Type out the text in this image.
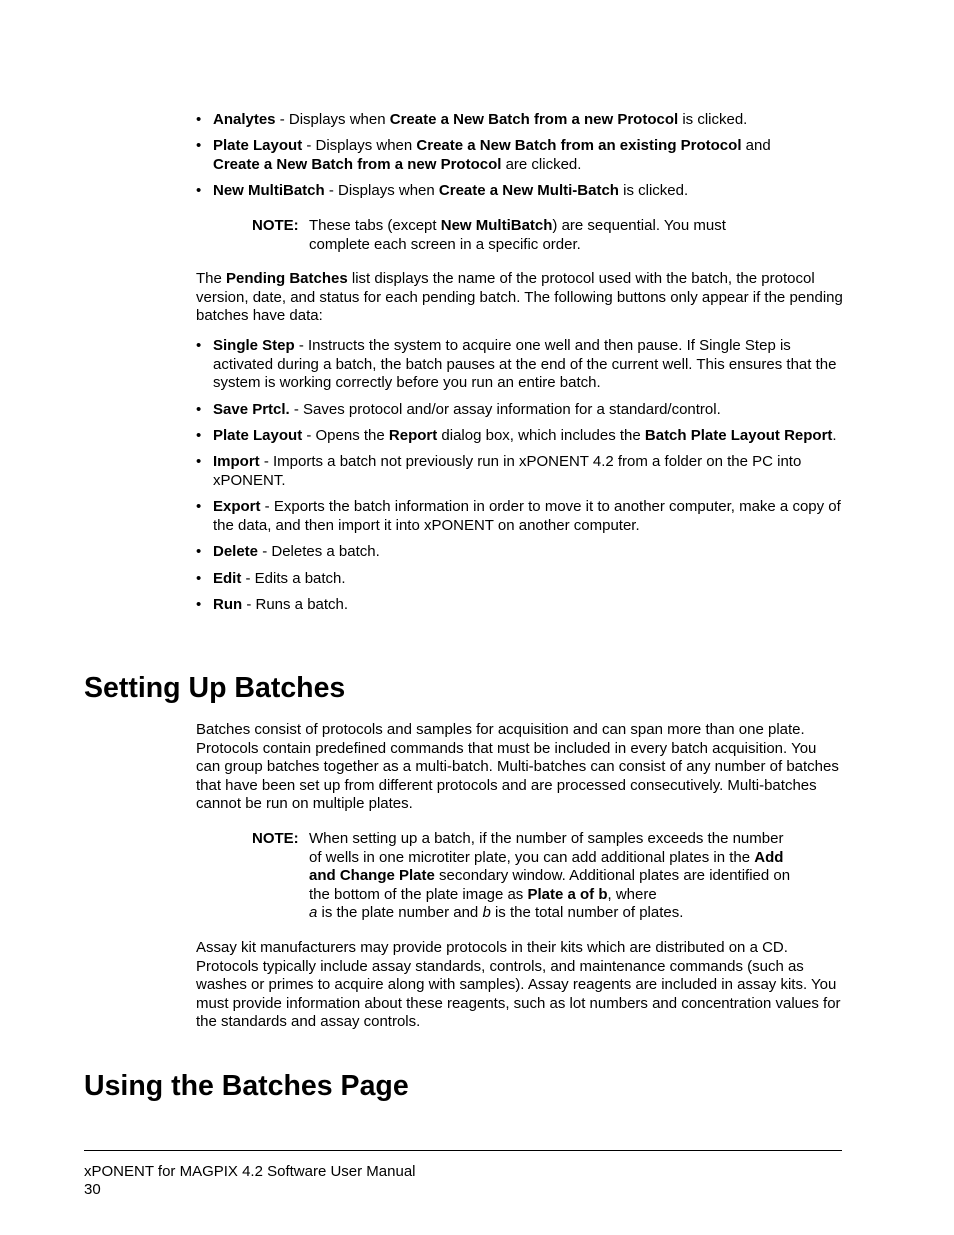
• Analytes - Displays when Create a New Batch from a new Protocol is clicked.
• Plate Layout - Displays when Create a New Batch from an existing Protocol and
Create a New Batch from a new Protocol are clicked.
• New MultiBatch - Displays when Create a New Multi-Batch is clicked.
NOTE: These tabs (except New MultiBatch) are sequential. You must complete each screen in a specific order.

The Pending Batches list displays the name of the protocol used with the batch, the protocol version, date, and status for each pending batch. The following buttons only appear if the pending batches have data:

• Single Step - Instructs the system to acquire one well and then pause. If Single Step is activated during a batch, the batch pauses at the end of the current well. This ensures that the system is working correctly before you run an entire batch.
• Save Prtcl. - Saves protocol and/or assay information for a standard/control.
• Plate Layout - Opens the Report dialog box, which includes the Batch Plate Layout Report.
• Import - Imports a batch not previously run in xPONENT 4.2 from a folder on the PC into xPONENT.
• Export - Exports the batch information in order to move it to another computer, make a copy of the data, and then import it into xPONENT on another computer.
• Delete - Deletes a batch.
• Edit - Edits a batch.
• Run - Runs a batch.
Setting Up Batches

Batches consist of protocols and samples for acquisition and can span more than one plate. Protocols contain predefined commands that must be included in every batch acquisition. You can group batches together as a multi-batch. Multi-batches can consist of any number of batches that have been set up from different protocols and are processed consecutively. Multi-batches cannot be run on multiple plates.

NOTE: When setting up a batch, if the number of samples exceeds the number of wells in one microtiter plate, you can add additional plates in the Add and Change Plate secondary window. Additional plates are identified on the bottom of the plate image as Plate a of b, where
a is the plate number and b is the total number of plates.

Assay kit manufacturers may provide protocols in their kits which are distributed on a CD. Protocols typically include assay standards, controls, and maintenance commands (such as washes or primes to acquire along with samples). Assay reagents are included in assay kits. You must provide information about these reagents, such as lot numbers and concentration values for the standards and assay controls.

Using the Batches Page
xPONENT for MAGPIX 4.2 Software User Manual
30
